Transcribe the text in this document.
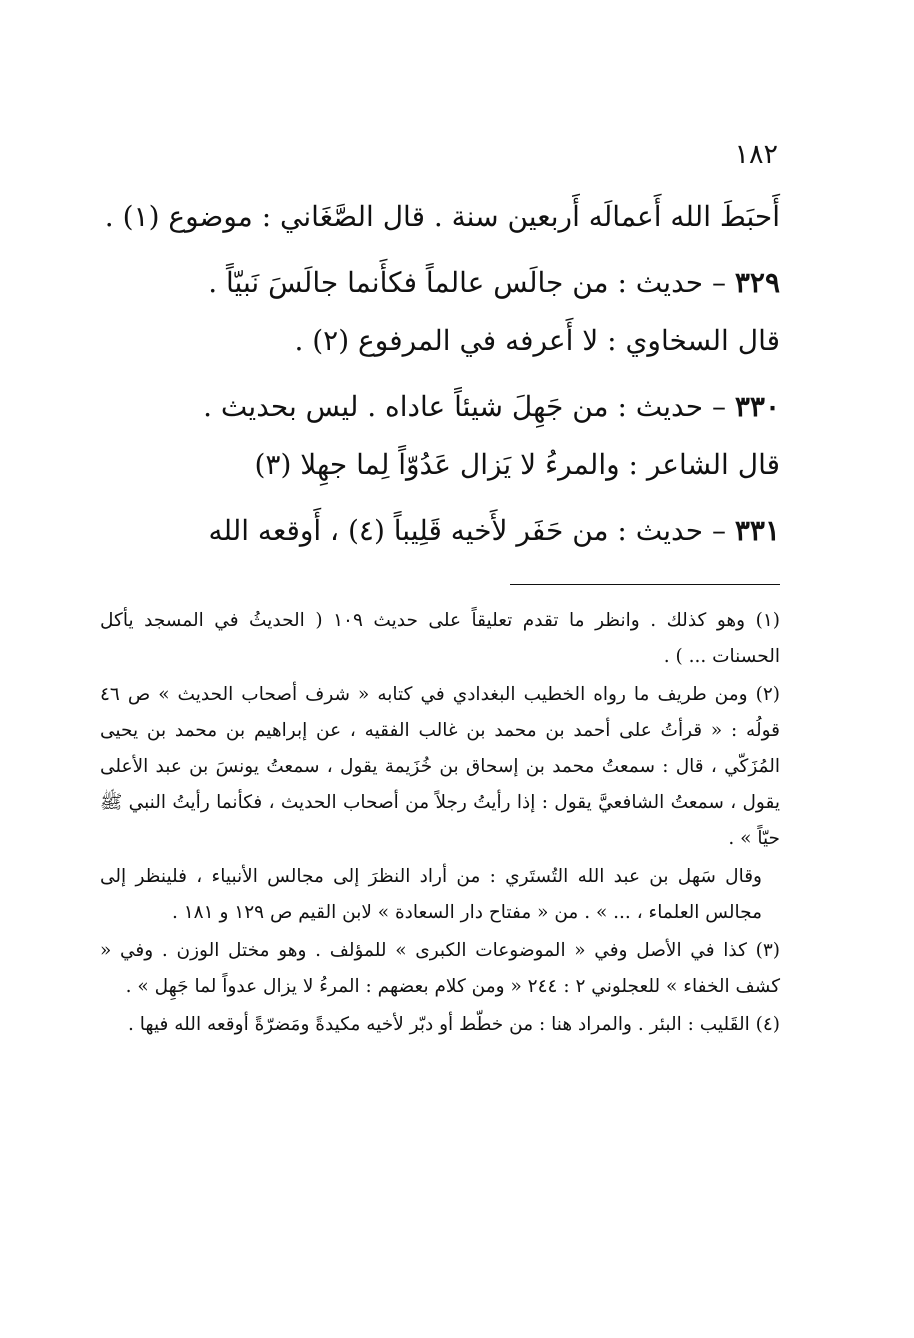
١٨٢

أَحبَطَ الله أَعمالَه أَربعين سنة . قال الصَّغَاني : موضوع (١) .

٣٢٩ – حديث : من جالَس عالماً فكأَنما جالَسَ نَبيّاً .

قال السخاوي : لا أَعرفه في المرفوع (٢) .

٣٣٠ – حديث : من جَهِلَ شيئاً عاداه . ليس بحديث .

قال الشاعر : والمرءُ لا يَزال عَدُوّاً لِما جهِلا (٣)

٣٣١ – حديث : من حَفَر لأَخيه قَلِيباً (٤) ، أَوقعه الله

(١) وهو كذلك . وانظر ما تقدم تعليقاً على حديث ١٠٩ ( الحديثُ في المسجد يأكل الحسنات ... ) .

(٢) ومن طريف ما رواه الخطيب البغدادي في كتابه « شرف أصحاب الحديث » ص ٤٦ قولُه : « قرأتُ على أحمد بن محمد بن غالب الفقيه ، عن إبراهيم بن محمد بن يحيى المُزَكّي ، قال : سمعتُ محمد بن إسحاق بن خُزَيمة يقول ، سمعتُ يونسَ بن عبد الأعلى يقول ، سمعتُ الشافعيَّ يقول : إذا رأيتُ رجلاً من أصحاب الحديث ، فكأنما رأيتُ النبي ﷺ حيّاً » .

وقال سَهل بن عبد الله التُستَري : من أراد النظرَ إلى مجالس الأنبياء ، فلينظر إلى مجالس العلماء ، ... » . من « مفتاح دار السعادة » لابن القيم ص ١٢٩ و ١٨١ .

(٣) كذا في الأصل وفي « الموضوعات الكبرى » للمؤلف . وهو مختل الوزن . وفي « كشف الخفاء » للعجلوني ٢ : ٢٤٤ « ومن كلام بعضهم : المرءُ لا يزال عدواً لما جَهِل » .

(٤) القَليب : البئر . والمراد هنا : من خطّط أو دبّر لأخيه مكيدةً ومَضرّةً أوقعه الله فيها .
